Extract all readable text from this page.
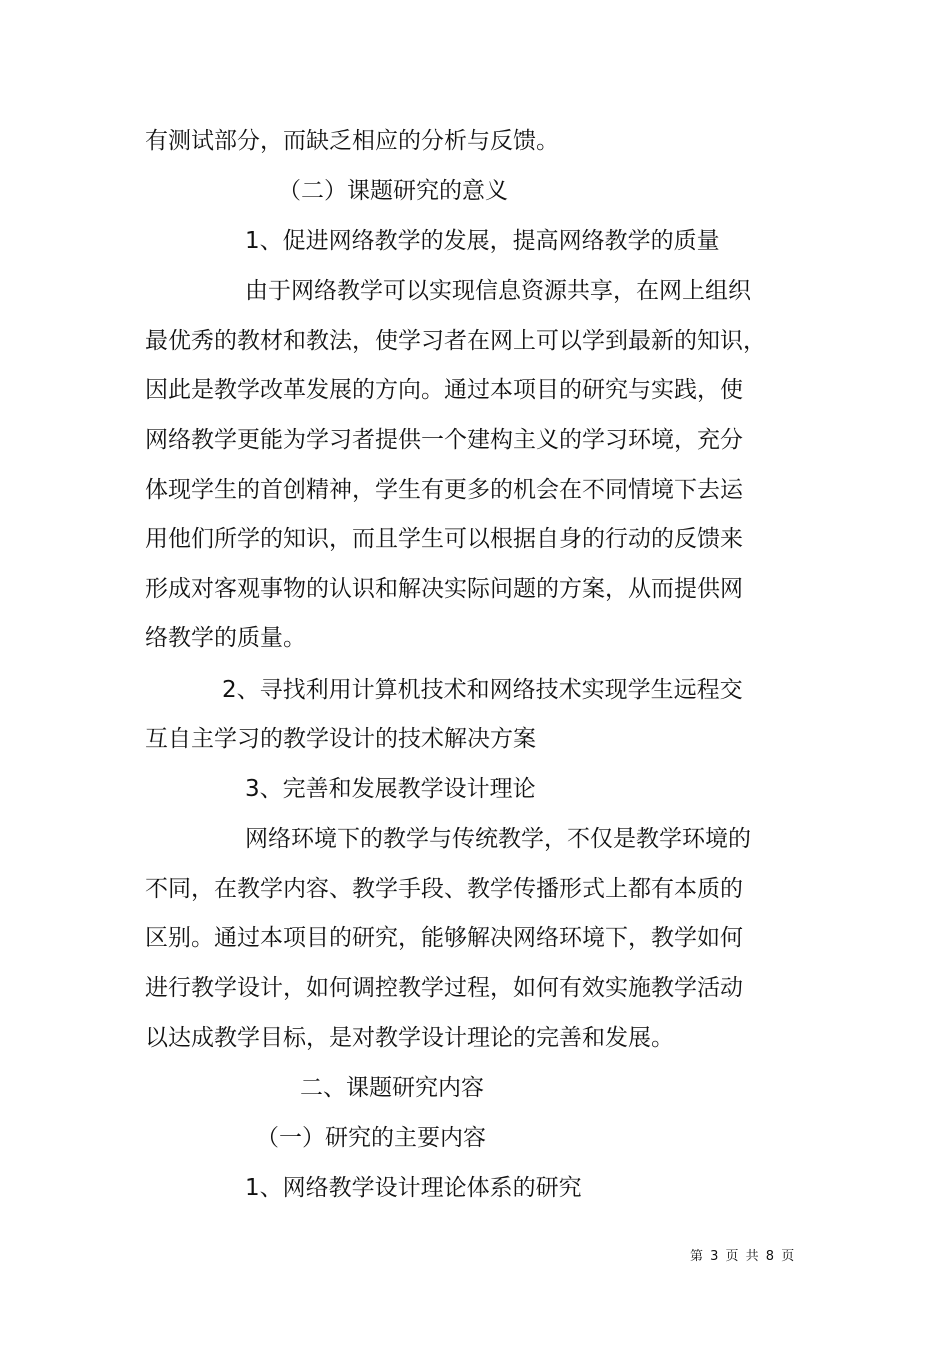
有测试部分，而缺乏相应的分析与反馈。
（二）课题研究的意义
1、促进网络教学的发展，提高网络教学的质量
由于网络教学可以实现信息资源共享，在网上组织
最优秀的教材和教法，使学习者在网上可以学到最新的知识，
因此是教学改革发展的方向。通过本项目的研究与实践，使
网络教学更能为学习者提供一个建构主义的学习环境，充分
体现学生的首创精神，学生有更多的机会在不同情境下去运
用他们所学的知识，而且学生可以根据自身的行动的反馈来
形成对客观事物的认识和解决实际问题的方案，从而提供网
络教学的质量。
2、寻找利用计算机技术和网络技术实现学生远程交
互自主学习的教学设计的技术解决方案
3、完善和发展教学设计理论
网络环境下的教学与传统教学，不仅是教学环境的
不同，在教学内容、教学手段、教学传播形式上都有本质的
区别。通过本项目的研究，能够解决网络环境下，教学如何
进行教学设计，如何调控教学过程，如何有效实施教学活动
以达成教学目标，是对教学设计理论的完善和发展。
二、课题研究内容
（一）研究的主要内容
1、网络教学设计理论体系的研究
第 3 页 共 8 页
